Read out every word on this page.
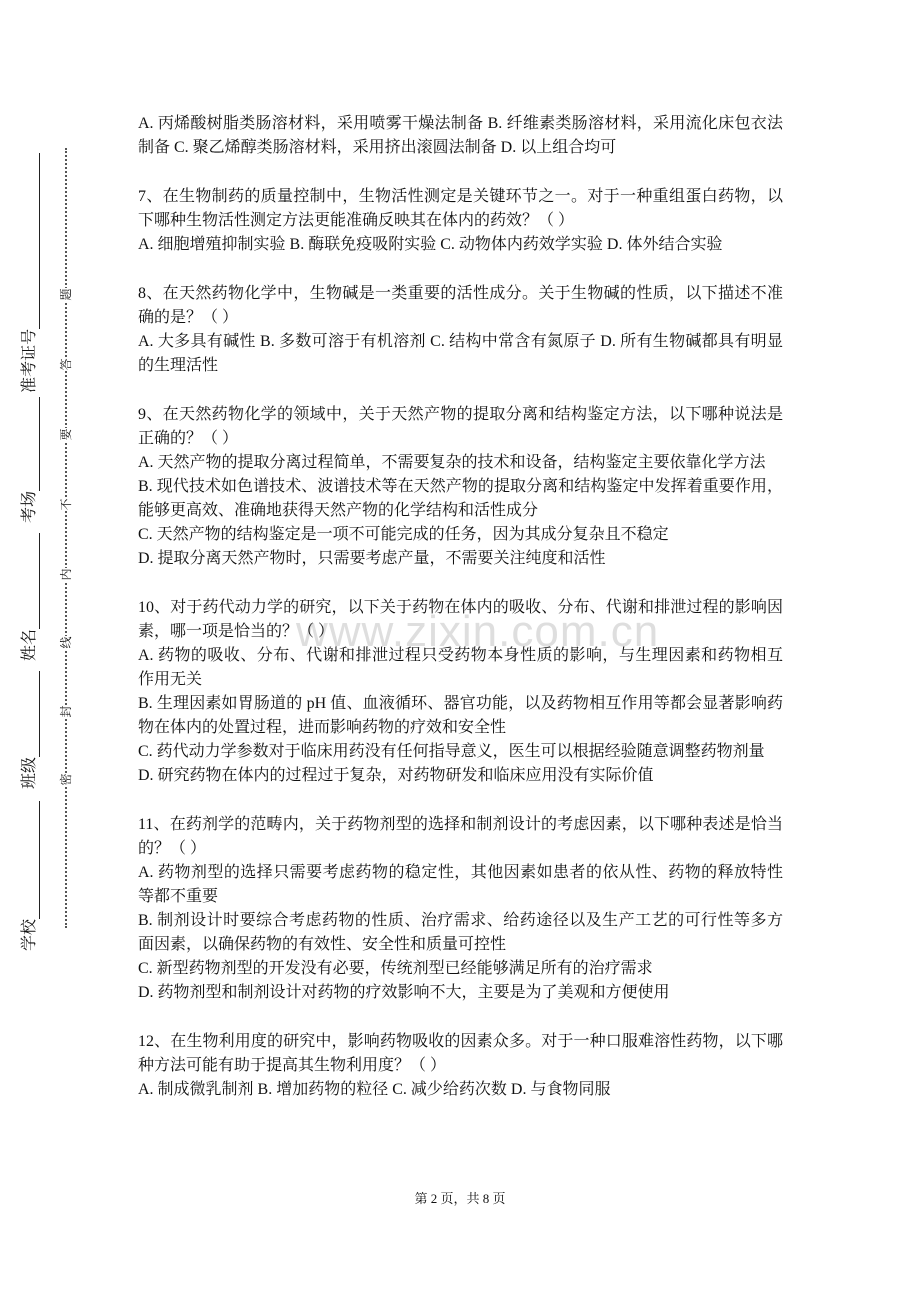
学校
班级
姓名
考场
准考证号
密
封
线
内
不
要
答
题
www.zixin.com.cn
A. 丙烯酸树脂类肠溶材料，采用喷雾干燥法制备 B. 纤维素类肠溶材料，采用流化床包衣法
制备 C. 聚乙烯醇类肠溶材料，采用挤出滚圆法制备 D. 以上组合均可
7、在生物制药的质量控制中，生物活性测定是关键环节之一。对于一种重组蛋白药物，以
下哪种生物活性测定方法更能准确反映其在体内的药效？（ ）
A. 细胞增殖抑制实验 B. 酶联免疫吸附实验 C. 动物体内药效学实验 D. 体外结合实验
8、在天然药物化学中，生物碱是一类重要的活性成分。关于生物碱的性质，以下描述不准
确的是？（ ）
A. 大多具有碱性 B. 多数可溶于有机溶剂 C. 结构中常含有氮原子 D. 所有生物碱都具有明显
的生理活性
9、在天然药物化学的领域中，关于天然产物的提取分离和结构鉴定方法，以下哪种说法是
正确的？（ ）
A. 天然产物的提取分离过程简单，不需要复杂的技术和设备，结构鉴定主要依靠化学方法
B. 现代技术如色谱技术、波谱技术等在天然产物的提取分离和结构鉴定中发挥着重要作用，
能够更高效、准确地获得天然产物的化学结构和活性成分
C. 天然产物的结构鉴定是一项不可能完成的任务，因为其成分复杂且不稳定
D. 提取分离天然产物时，只需要考虑产量，不需要关注纯度和活性
10、对于药代动力学的研究，以下关于药物在体内的吸收、分布、代谢和排泄过程的影响因
素，哪一项是恰当的？（ ）
A. 药物的吸收、分布、代谢和排泄过程只受药物本身性质的影响，与生理因素和药物相互
作用无关
B. 生理因素如胃肠道的 pH 值、血液循环、器官功能，以及药物相互作用等都会显著影响药
物在体内的处置过程，进而影响药物的疗效和安全性
C. 药代动力学参数对于临床用药没有任何指导意义，医生可以根据经验随意调整药物剂量
D. 研究药物在体内的过程过于复杂，对药物研发和临床应用没有实际价值
11、在药剂学的范畴内，关于药物剂型的选择和制剂设计的考虑因素，以下哪种表述是恰当
的？（ ）
A. 药物剂型的选择只需要考虑药物的稳定性，其他因素如患者的依从性、药物的释放特性
等都不重要
B. 制剂设计时要综合考虑药物的性质、治疗需求、给药途径以及生产工艺的可行性等多方
面因素，以确保药物的有效性、安全性和质量可控性
C. 新型药物剂型的开发没有必要，传统剂型已经能够满足所有的治疗需求
D. 药物剂型和制剂设计对药物的疗效影响不大，主要是为了美观和方便使用
12、在生物利用度的研究中，影响药物吸收的因素众多。对于一种口服难溶性药物，以下哪
种方法可能有助于提高其生物利用度？（ ）
A. 制成微乳制剂 B. 增加药物的粒径 C. 减少给药次数 D. 与食物同服
第 2 页，共 8 页
